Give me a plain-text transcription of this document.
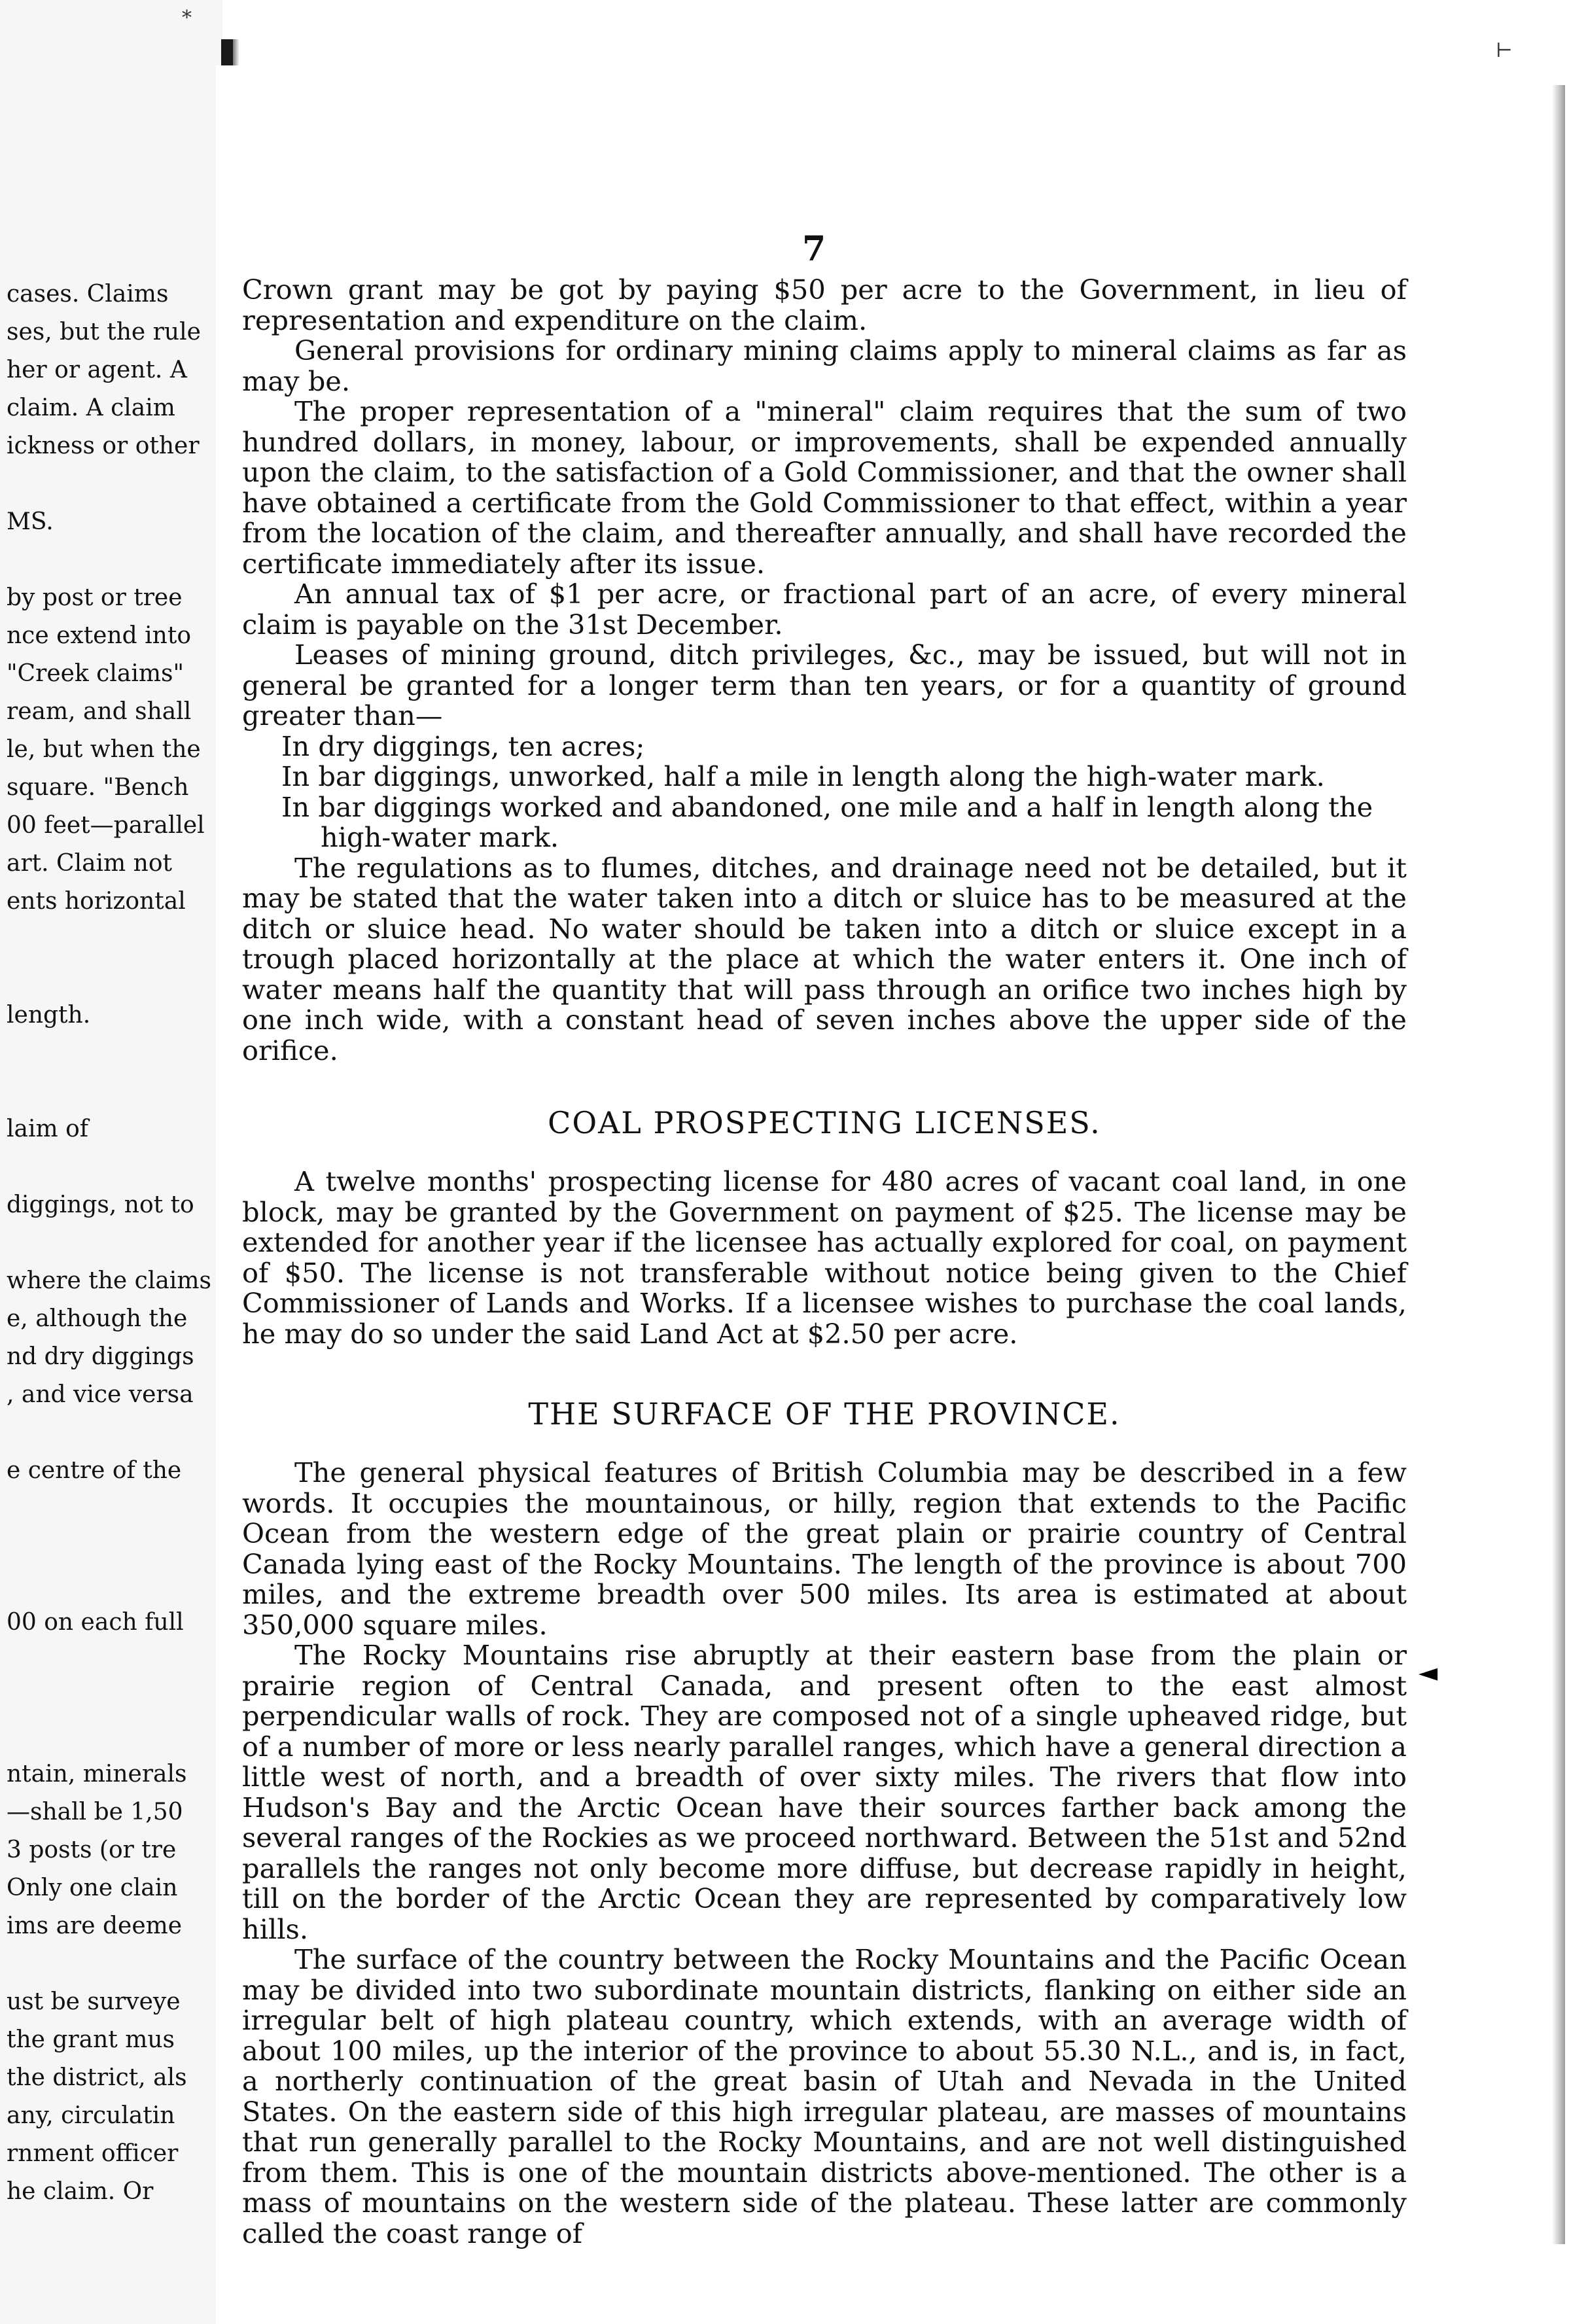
cases. Claims
ses, but the rule
her or agent. A
claim. A claim
ickness or other
MS.
by post or tree
nce extend into
"Creek claims"
ream, and shall
le, but when the
square. "Bench
00 feet—parallel
art. Claim not
ents horizontal
length.
laim of
diggings, not to
where the claims
e, although the
nd dry diggings
, and vice versa
e centre of the
00 on each full
ntain, minerals
—shall be 1,50
3 posts (or tre
Only one clain
ims are deeme
ust be surveye
the grant mus
the district, als
any, circulatin
rnment officer
he claim. Or
*
⊢
◄
7

Crown grant may be got by paying $50 per acre to the Government, in lieu of representation and expenditure on the claim.

General provisions for ordinary mining claims apply to mineral claims as far as may be.

The proper representation of a "mineral" claim requires that the sum of two hundred dollars, in money, labour, or improvements, shall be expended annually upon the claim, to the satisfaction of a Gold Commissioner, and that the owner shall have obtained a certificate from the Gold Commissioner to that effect, within a year from the location of the claim, and thereafter annually, and shall have recorded the certificate immediately after its issue.

An annual tax of $1 per acre, or fractional part of an acre, of every mineral claim is payable on the 31st December.

Leases of mining ground, ditch privileges, &c., may be issued, but will not in general be granted for a longer term than ten years, or for a quantity of ground greater than—

In dry diggings, ten acres;

In bar diggings, unworked, half a mile in length along the high-water mark.

In bar diggings worked and abandoned, one mile and a half in length along the

high-water mark.

The regulations as to flumes, ditches, and drainage need not be detailed, but it may be stated that the water taken into a ditch or sluice has to be measured at the ditch or sluice head. No water should be taken into a ditch or sluice except in a trough placed horizontally at the place at which the water enters it. One inch of water means half the quantity that will pass through an orifice two inches high by one inch wide, with a constant head of seven inches above the upper side of the orifice.

COAL PROSPECTING LICENSES.

A twelve months' prospecting license for 480 acres of vacant coal land, in one block, may be granted by the Government on payment of $25. The license may be extended for another year if the licensee has actually explored for coal, on payment of $50. The license is not transferable without notice being given to the Chief Commissioner of Lands and Works. If a licensee wishes to purchase the coal lands, he may do so under the said Land Act at $2.50 per acre.

THE SURFACE OF THE PROVINCE.

The general physical features of British Columbia may be described in a few words. It occupies the mountainous, or hilly, region that extends to the Pacific Ocean from the western edge of the great plain or prairie country of Central Canada lying east of the Rocky Mountains. The length of the province is about 700 miles, and the extreme breadth over 500 miles. Its area is estimated at about 350,000 square miles.

The Rocky Mountains rise abruptly at their eastern base from the plain or prairie region of Central Canada, and present often to the east almost perpendicular walls of rock. They are composed not of a single upheaved ridge, but of a number of more or less nearly parallel ranges, which have a general direction a little west of north, and a breadth of over sixty miles. The rivers that flow into Hudson's Bay and the Arctic Ocean have their sources farther back among the several ranges of the Rockies as we proceed northward. Between the 51st and 52nd parallels the ranges not only become more diffuse, but decrease rapidly in height, till on the border of the Arctic Ocean they are represented by comparatively low hills.

The surface of the country between the Rocky Mountains and the Pacific Ocean may be divided into two subordinate mountain districts, flanking on either side an irregular belt of high plateau country, which extends, with an average width of about 100 miles, up the interior of the province to about 55.30 N.L., and is, in fact, a northerly continuation of the great basin of Utah and Nevada in the United States. On the eastern side of this high irregular plateau, are masses of mountains that run generally parallel to the Rocky Mountains, and are not well distinguished from them. This is one of the mountain districts above-mentioned. The other is a mass of mountains on the western side of the plateau. These latter are commonly called the coast range of
